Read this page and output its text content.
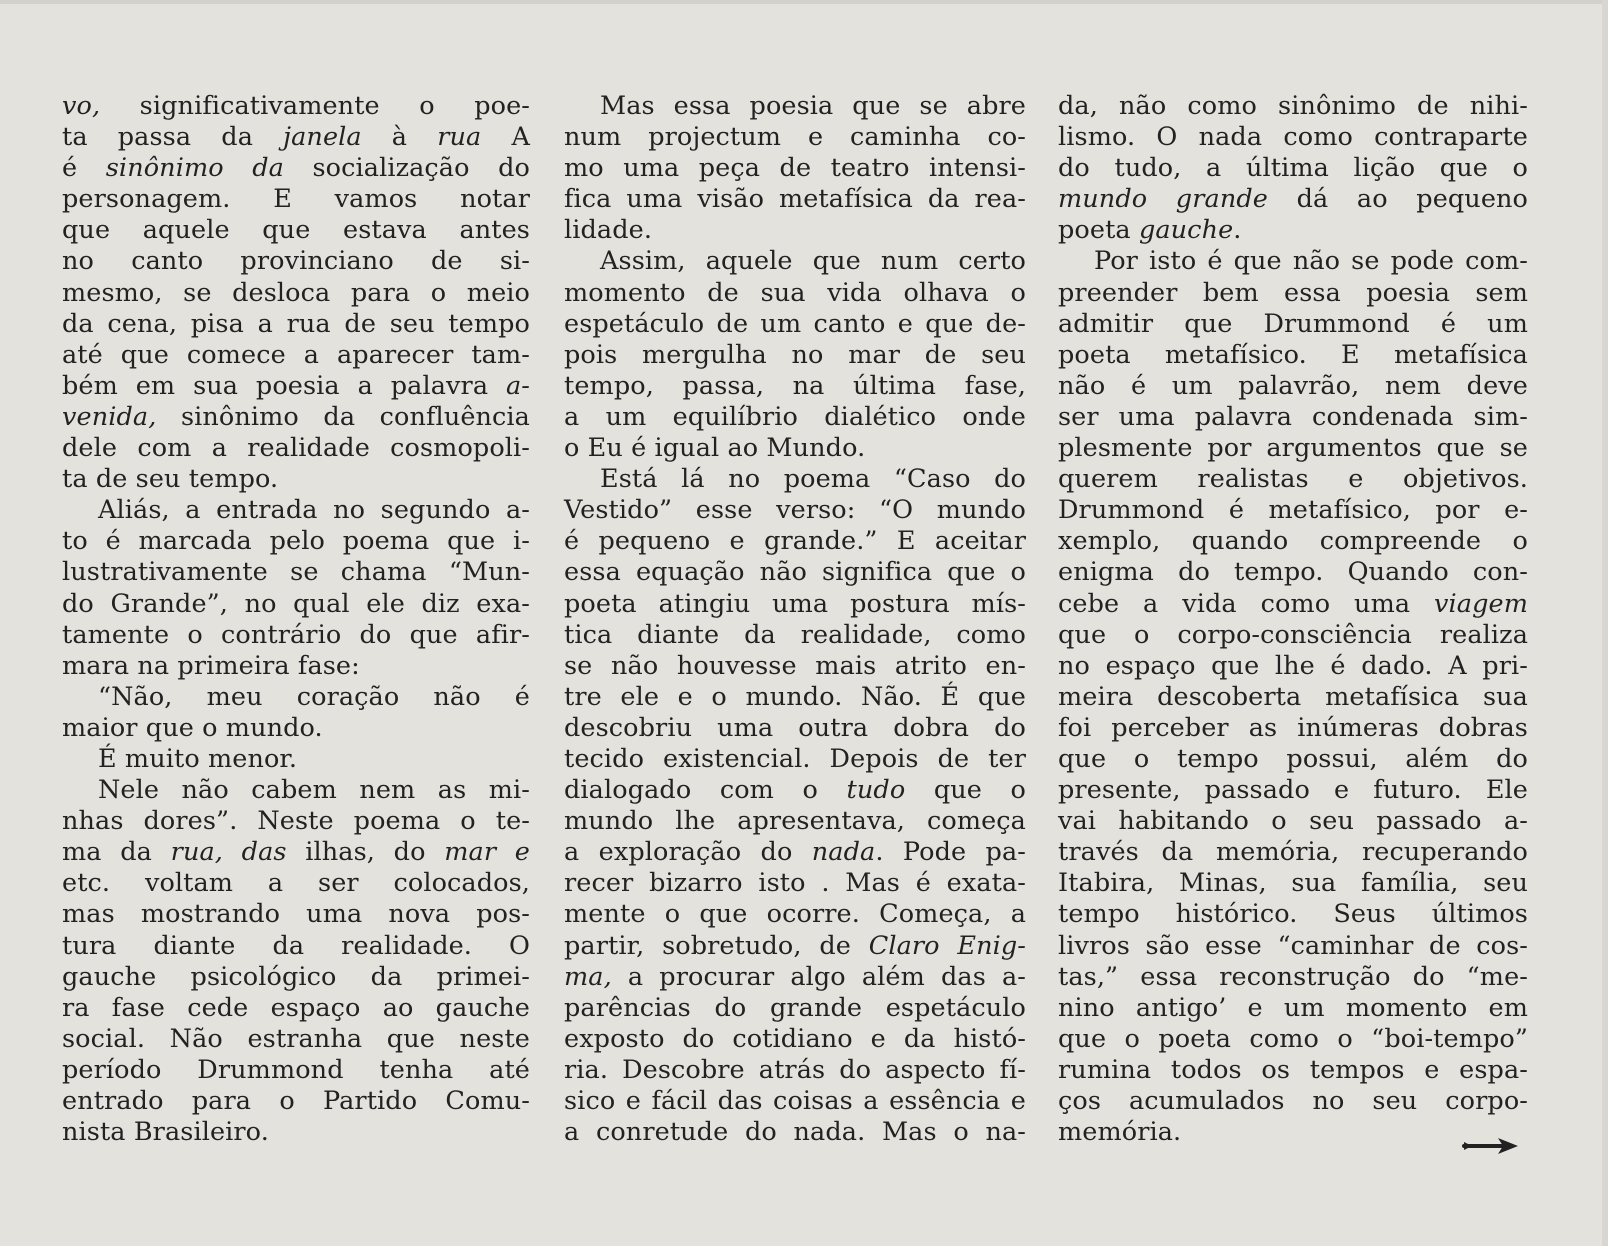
vo, significativamente o poe-
ta passa da janela à rua A
é sinônimo da socialização do
personagem. E vamos notar
que aquele que estava antes
no canto provinciano de si-
mesmo, se desloca para o meio
da cena, pisa a rua de seu tempo
até que comece a aparecer tam-
bém em sua poesia a palavra a-
venida, sinônimo da confluência
dele com a realidade cosmopoli-
ta de seu tempo.
Aliás, a entrada no segundo a-
to é marcada pelo poema que i-
lustrativamente se chama “Mun-
do Grande”, no qual ele diz exa-
tamente o contrário do que afir-
mara na primeira fase:
“Não, meu coração não é
maior que o mundo.
É muito menor.
Nele não cabem nem as mi-
nhas dores”. Neste poema o te-
ma da rua, das ilhas, do mar e
etc. voltam a ser colocados,
mas mostrando uma nova pos-
tura diante da realidade. O
gauche psicológico da primei-
ra fase cede espaço ao gauche
social. Não estranha que neste
período Drummond tenha até
entrado para o Partido Comu-
nista Brasileiro.
Mas essa poesia que se abre
num projectum e caminha co-
mo uma peça de teatro intensi-
fica uma visão metafísica da rea-
lidade.
Assim, aquele que num certo
momento de sua vida olhava o
espetáculo de um canto e que de-
pois mergulha no mar de seu
tempo, passa, na última fase,
a um equilíbrio dialético onde
o Eu é igual ao Mundo.
Está lá no poema “Caso do
Vestido” esse verso: “O mundo
é pequeno e grande.” E aceitar
essa equação não significa que o
poeta atingiu uma postura mís-
tica diante da realidade, como
se não houvesse mais atrito en-
tre ele e o mundo. Não. É que
descobriu uma outra dobra do
tecido existencial. Depois de ter
dialogado com o tudo que o
mundo lhe apresentava, começa
a exploração do nada. Pode pa-
recer bizarro isto . Mas é exata-
mente o que ocorre. Começa, a
partir, sobretudo, de Claro Enig-
ma, a procurar algo além das a-
parências do grande espetáculo
exposto do cotidiano e da histó-
ria. Descobre atrás do aspecto fí-
sico e fácil das coisas a essência e
a conretude do nada. Mas o na-
da, não como sinônimo de nihi-
lismo. O nada como contraparte
do tudo, a última lição que o
mundo grande dá ao pequeno
poeta gauche.
Por isto é que não se pode com-
preender bem essa poesia sem
admitir que Drummond é um
poeta metafísico. E metafísica
não é um palavrão, nem deve
ser uma palavra condenada sim-
plesmente por argumentos que se
querem realistas e objetivos.
Drummond é metafísico, por e-
xemplo, quando compreende o
enigma do tempo. Quando con-
cebe a vida como uma viagem
que o corpo-consciência realiza
no espaço que lhe é dado. A pri-
meira descoberta metafísica sua
foi perceber as inúmeras dobras
que o tempo possui, além do
presente, passado e futuro. Ele
vai habitando o seu passado a-
través da memória, recuperando
Itabira, Minas, sua família, seu
tempo histórico. Seus últimos
livros são esse “caminhar de cos-
tas,” essa reconstrução do “me-
nino antigo’ e um momento em
que o poeta como o “boi-tempo”
rumina todos os tempos e espa-
ços acumulados no seu corpo-
memória.
